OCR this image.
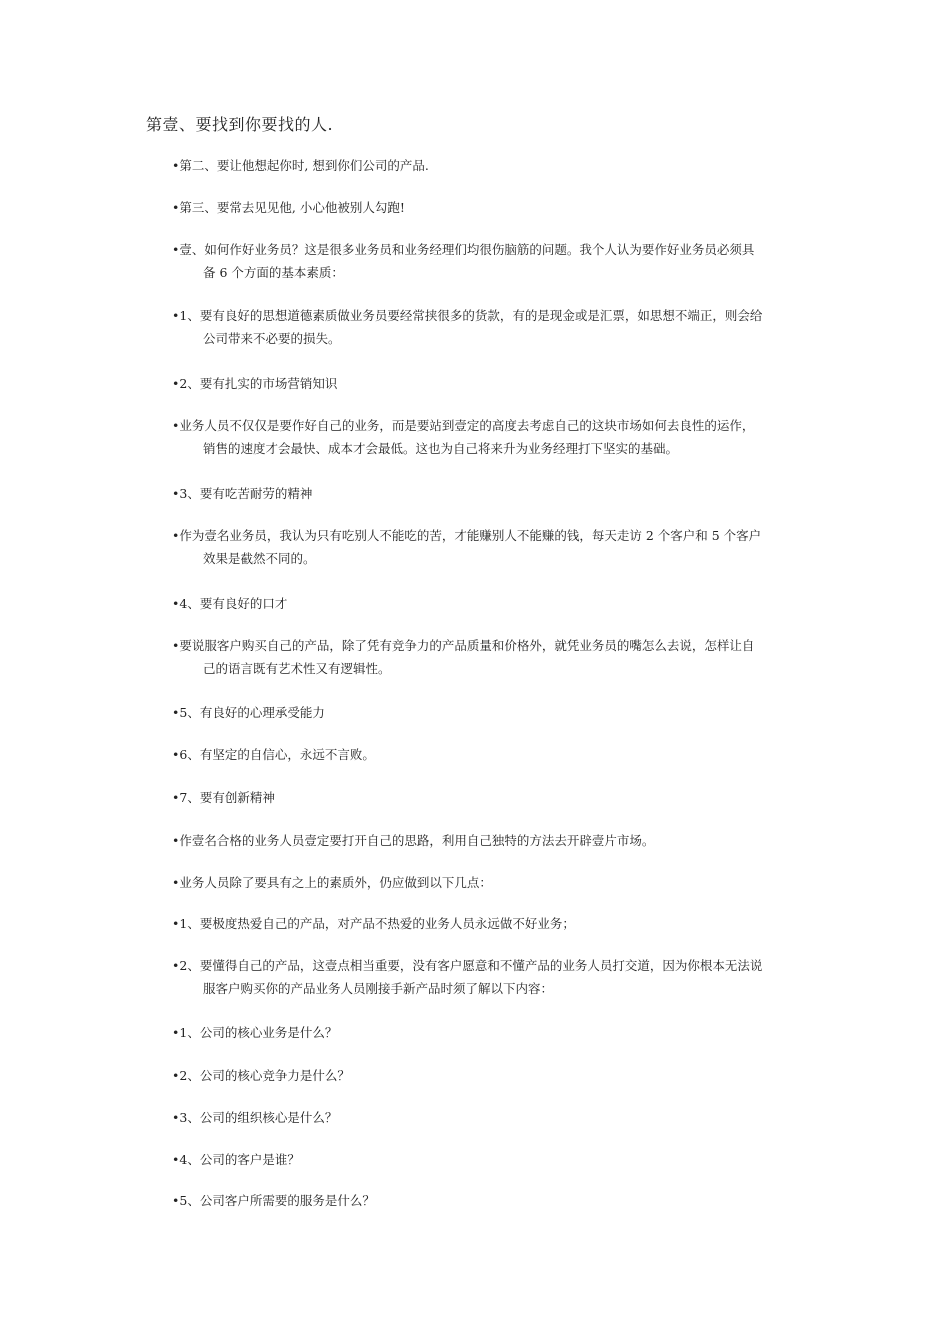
第壹、要找到你要找的人.
•第二、要让他想起你时, 想到你们公司的产品.
•第三、要常去见见他, 小心他被别人勾跑!
•壹、如何作好业务员？这是很多业务员和业务经理们均很伤脑筋的问题。我个人认为要作好业务员必须具
备 6 个方面的基本素质：
•1、要有良好的思想道德素质做业务员要经常挟很多的货款，有的是现金或是汇票，如思想不端正，则会给
公司带来不必要的损失。
•2、要有扎实的市场营销知识
•业务人员不仅仅是要作好自己的业务，而是要站到壹定的高度去考虑自己的这块市场如何去良性的运作，
销售的速度才会最快、成本才会最低。这也为自己将来升为业务经理打下坚实的基础。
•3、要有吃苦耐劳的精神
•作为壹名业务员，我认为只有吃别人不能吃的苦，才能赚别人不能赚的钱，每天走访 2 个客户和 5 个客户
效果是截然不同的。
•4、要有良好的口才
•要说服客户购买自己的产品，除了凭有竞争力的产品质量和价格外，就凭业务员的嘴怎么去说，怎样让自
己的语言既有艺术性又有逻辑性。
•5、有良好的心理承受能力
•6、有坚定的自信心，永远不言败。
•7、要有创新精神
•作壹名合格的业务人员壹定要打开自己的思路，利用自己独特的方法去开辟壹片市场。
•业务人员除了要具有之上的素质外，仍应做到以下几点：
•1、要极度热爱自己的产品，对产品不热爱的业务人员永远做不好业务；
•2、要懂得自己的产品，这壹点相当重要，没有客户愿意和不懂产品的业务人员打交道，因为你根本无法说
服客户购买你的产品业务人员刚接手新产品时须了解以下内容：
•1、公司的核心业务是什么？
•2、公司的核心竞争力是什么？
•3、公司的组织核心是什么？
•4、公司的客户是谁？
•5、公司客户所需要的服务是什么？
